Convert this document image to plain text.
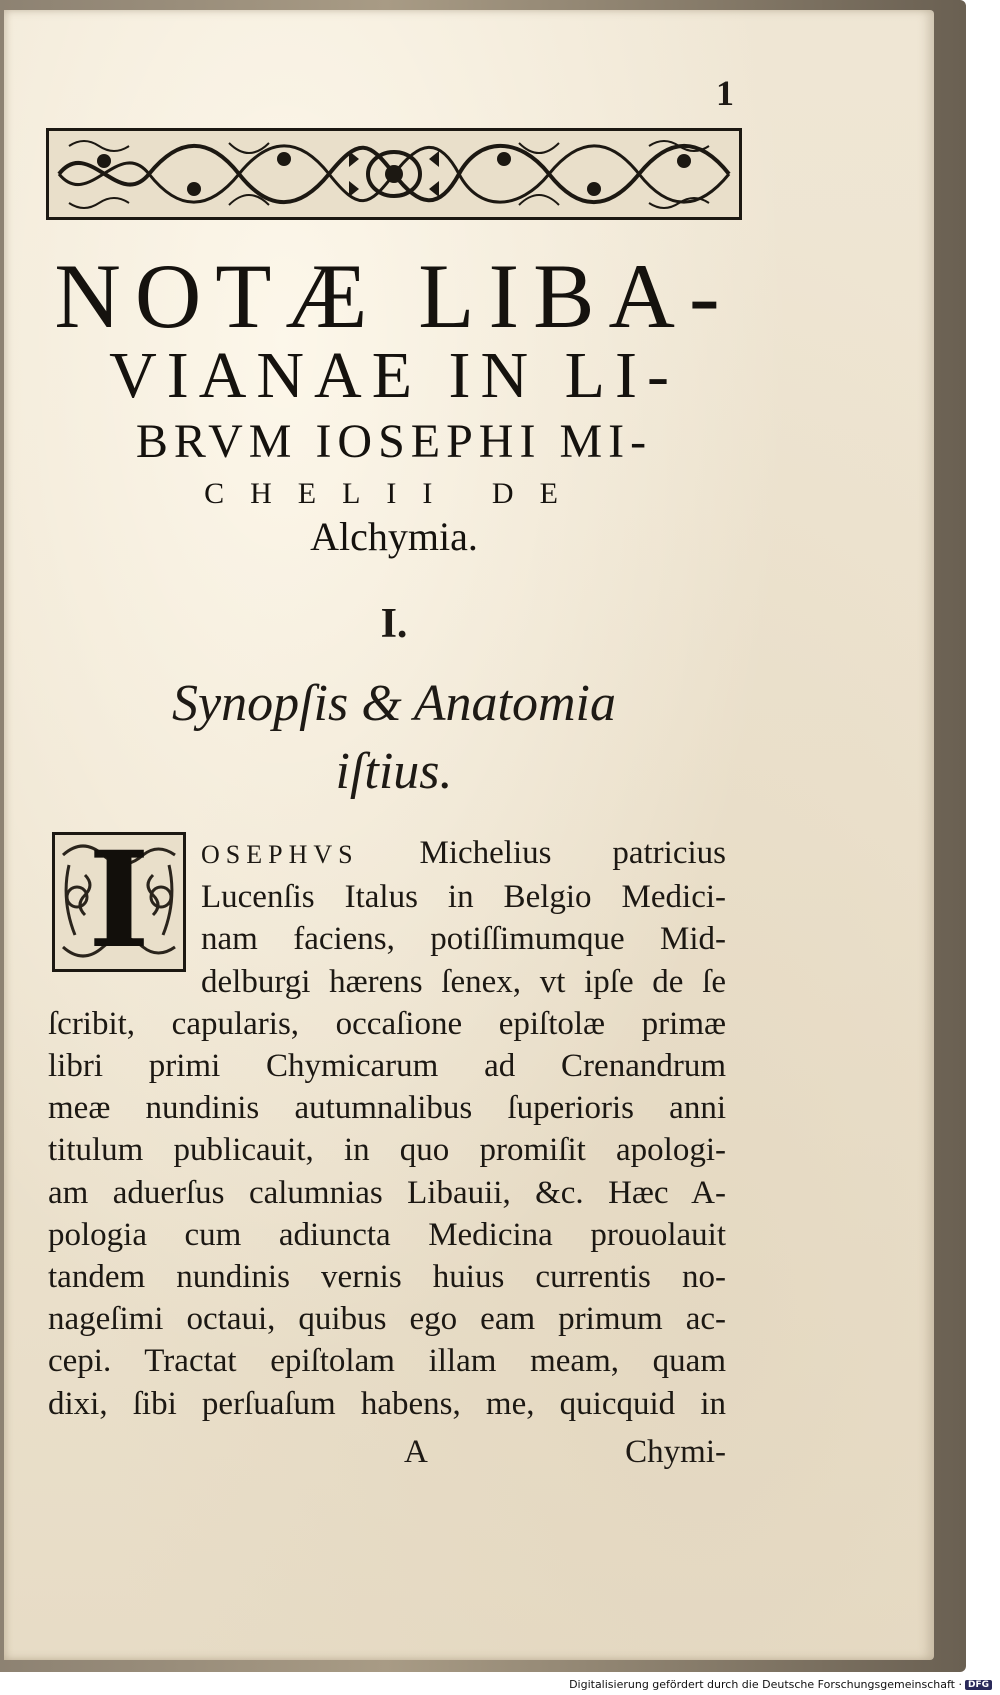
1
NOTÆ LIBA-
VIANAE IN LI-
BRVM IOSEPHI MI-
CHELII DE
Alchymia.
I.
Synopſis & Anatomia
iſtius.
OSEPHVS Michelius patricius
Lucenſis Italus in Belgio Medici-
nam faciens, potiſſimumque Mid-
delburgi hærens ſenex, vt ipſe de ſe
ſcribit, capularis, occaſione epiſtolæ primæ
libri primi Chymicarum ad Crenandrum
meæ nundinis autumnalibus ſuperioris anni
titulum publicauit, in quo promiſit apologi-
am aduerſus calumnias Libauii, &c. Hæc A-
pologia cum adiuncta Medicina prouolauit
tandem nundinis vernis huius currentis no-
nageſimi octaui, quibus ego eam primum ac-
cepi. Tractat epiſtolam illam meam, quam
dixi, ſibi perſuaſum habens, me, quicquid in
I
A	Chymi-
Digitalisierung gefördert durch die Deutsche Forschungsgemeinschaft · DFG
